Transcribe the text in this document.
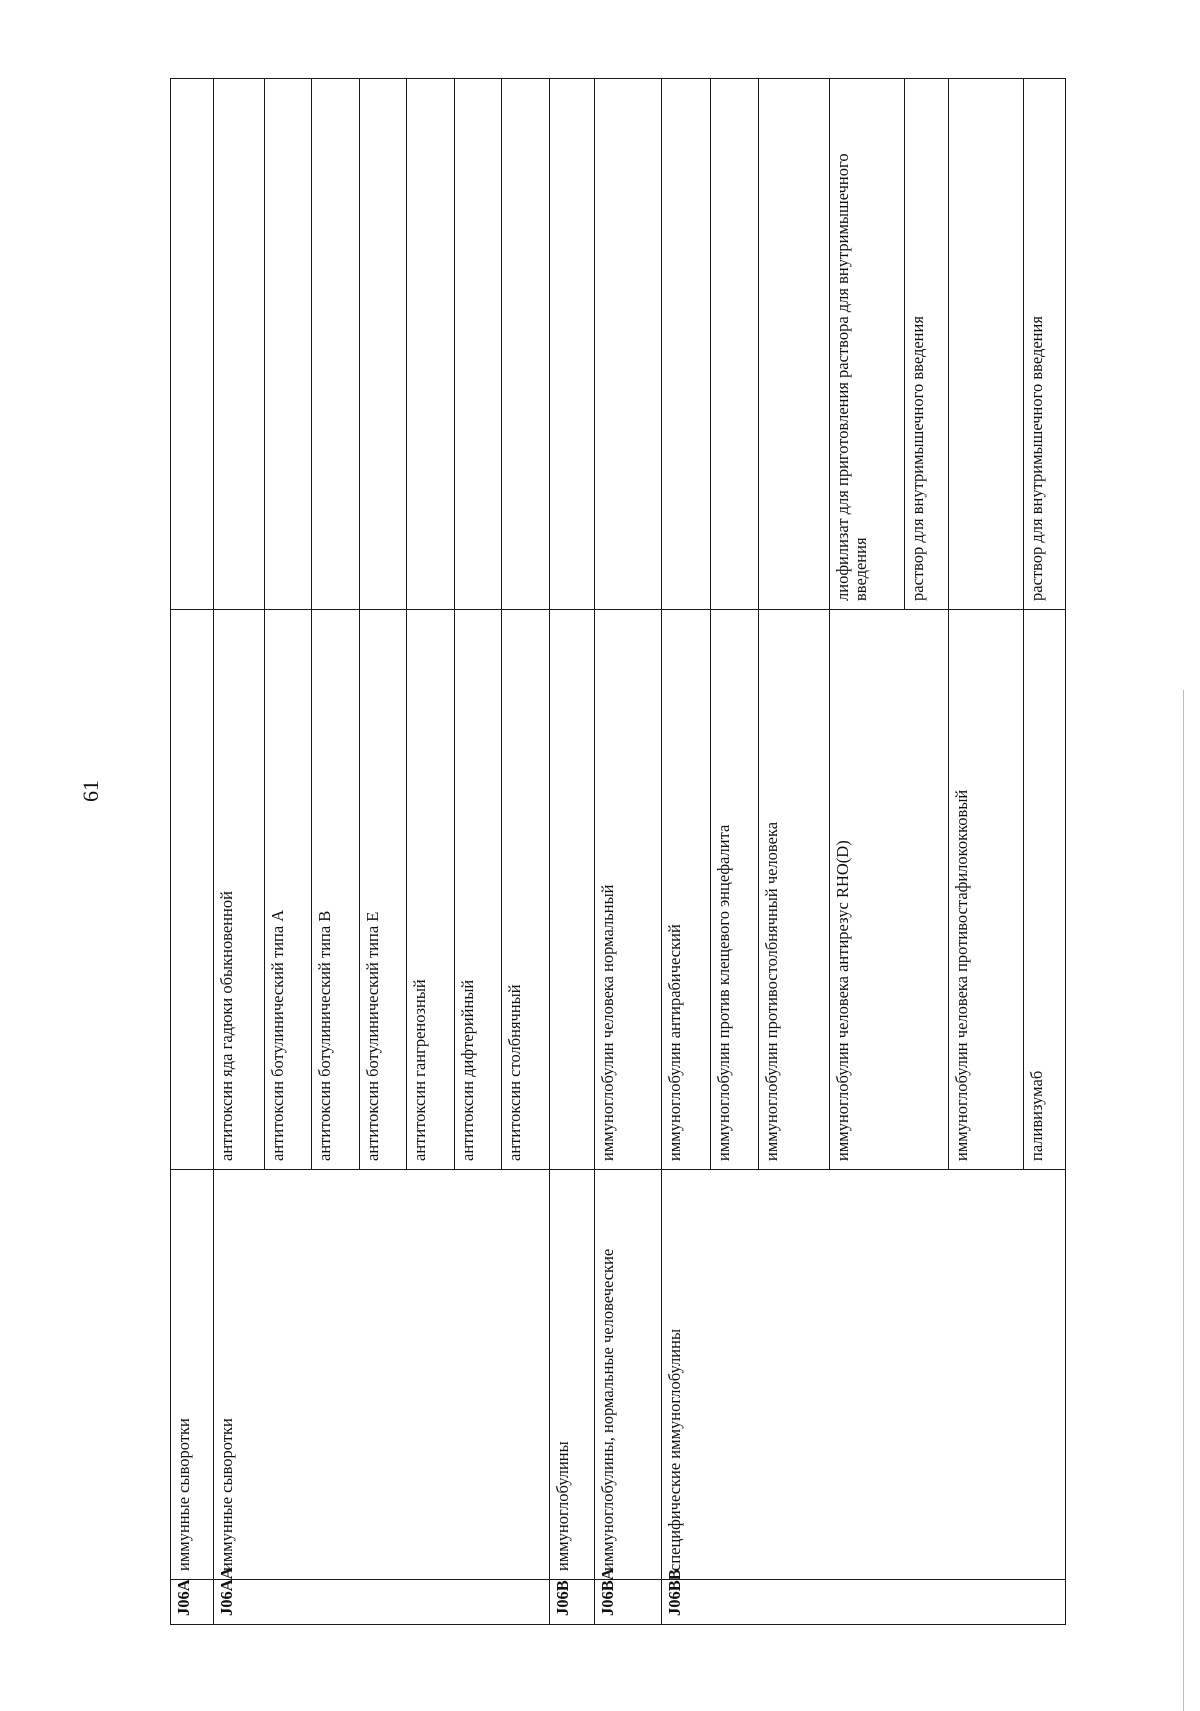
61
J06A	иммунные сыворотки		
J06AA	иммунные сыворотки	антитоксин яда гадюки обыкновенной	
		антитоксин ботулинический типа А	
		антитоксин ботулинический типа В	
		антитоксин ботулинический типа Е	
		антитоксин гангренозный	
		антитоксин дифтерийный	
		антитоксин столбнячный	
J06B	иммуноглобулины		
J06BA	иммуноглобулины, нормальные человеческие	иммуноглобулин человека нормальный	
J06BB	специфические иммуноглобулины	иммуноглобулин антирабический	
		иммуноглобулин против клещевого энцефалита	
		иммуноглобулин противостолбнячный человека	
		иммуноглобулин человека антирезус RHO(D)	лиофилизат для приготовления раствора для внутримышечного введения
			раствор для внутримышечного введения
		иммуноглобулин человека противостафилококковый	
		паливизумаб	раствор для внутримышечного введения
